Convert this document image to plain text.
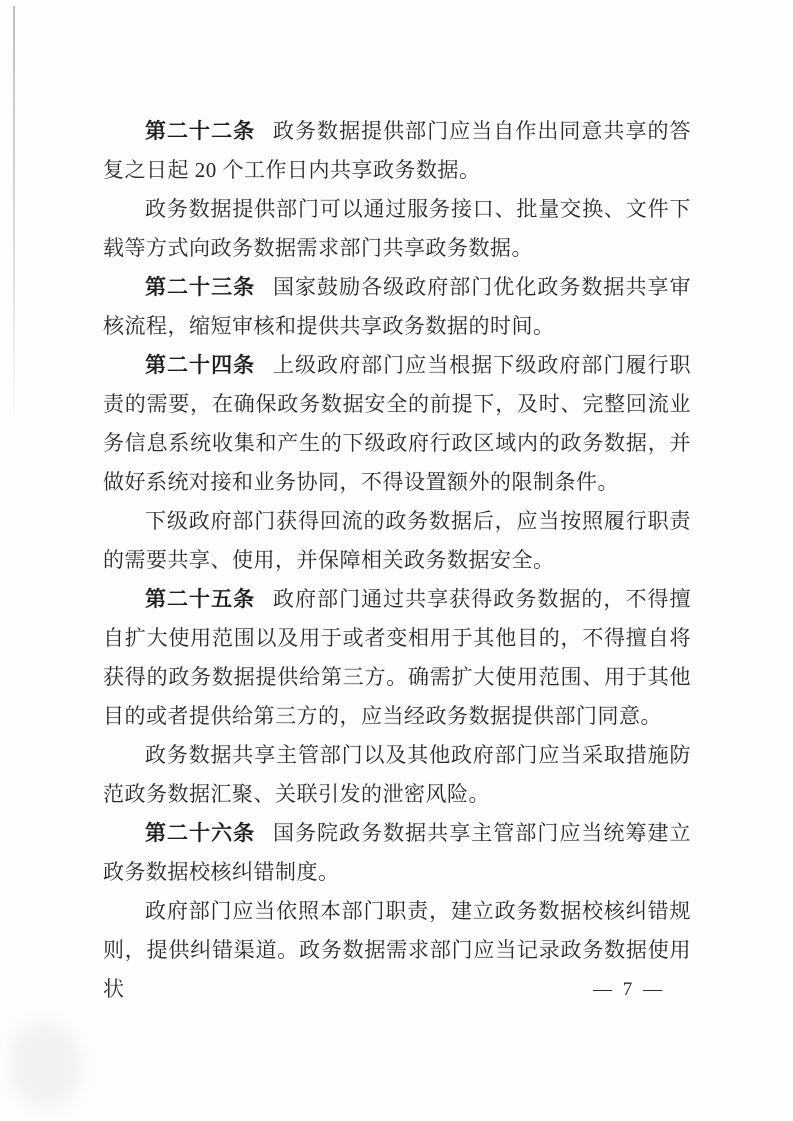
第二十二条 政务数据提供部门应当自作出同意共享的答复之日起 20 个工作日内共享政务数据。

政务数据提供部门可以通过服务接口、批量交换、文件下载等方式向政务数据需求部门共享政务数据。

第二十三条 国家鼓励各级政府部门优化政务数据共享审核流程，缩短审核和提供共享政务数据的时间。

第二十四条 上级政府部门应当根据下级政府部门履行职责的需要，在确保政务数据安全的前提下，及时、完整回流业务信息系统收集和产生的下级政府行政区域内的政务数据，并做好系统对接和业务协同，不得设置额外的限制条件。

下级政府部门获得回流的政务数据后，应当按照履行职责的需要共享、使用，并保障相关政务数据安全。

第二十五条 政府部门通过共享获得政务数据的，不得擅自扩大使用范围以及用于或者变相用于其他目的，不得擅自将获得的政务数据提供给第三方。确需扩大使用范围、用于其他目的或者提供给第三方的，应当经政务数据提供部门同意。

政务数据共享主管部门以及其他政府部门应当采取措施防范政务数据汇聚、关联引发的泄密风险。

第二十六条 国务院政务数据共享主管部门应当统筹建立政务数据校核纠错制度。

政府部门应当依照本部门职责，建立政务数据校核纠错规则，提供纠错渠道。政务数据需求部门应当记录政务数据使用状	— 7 —
